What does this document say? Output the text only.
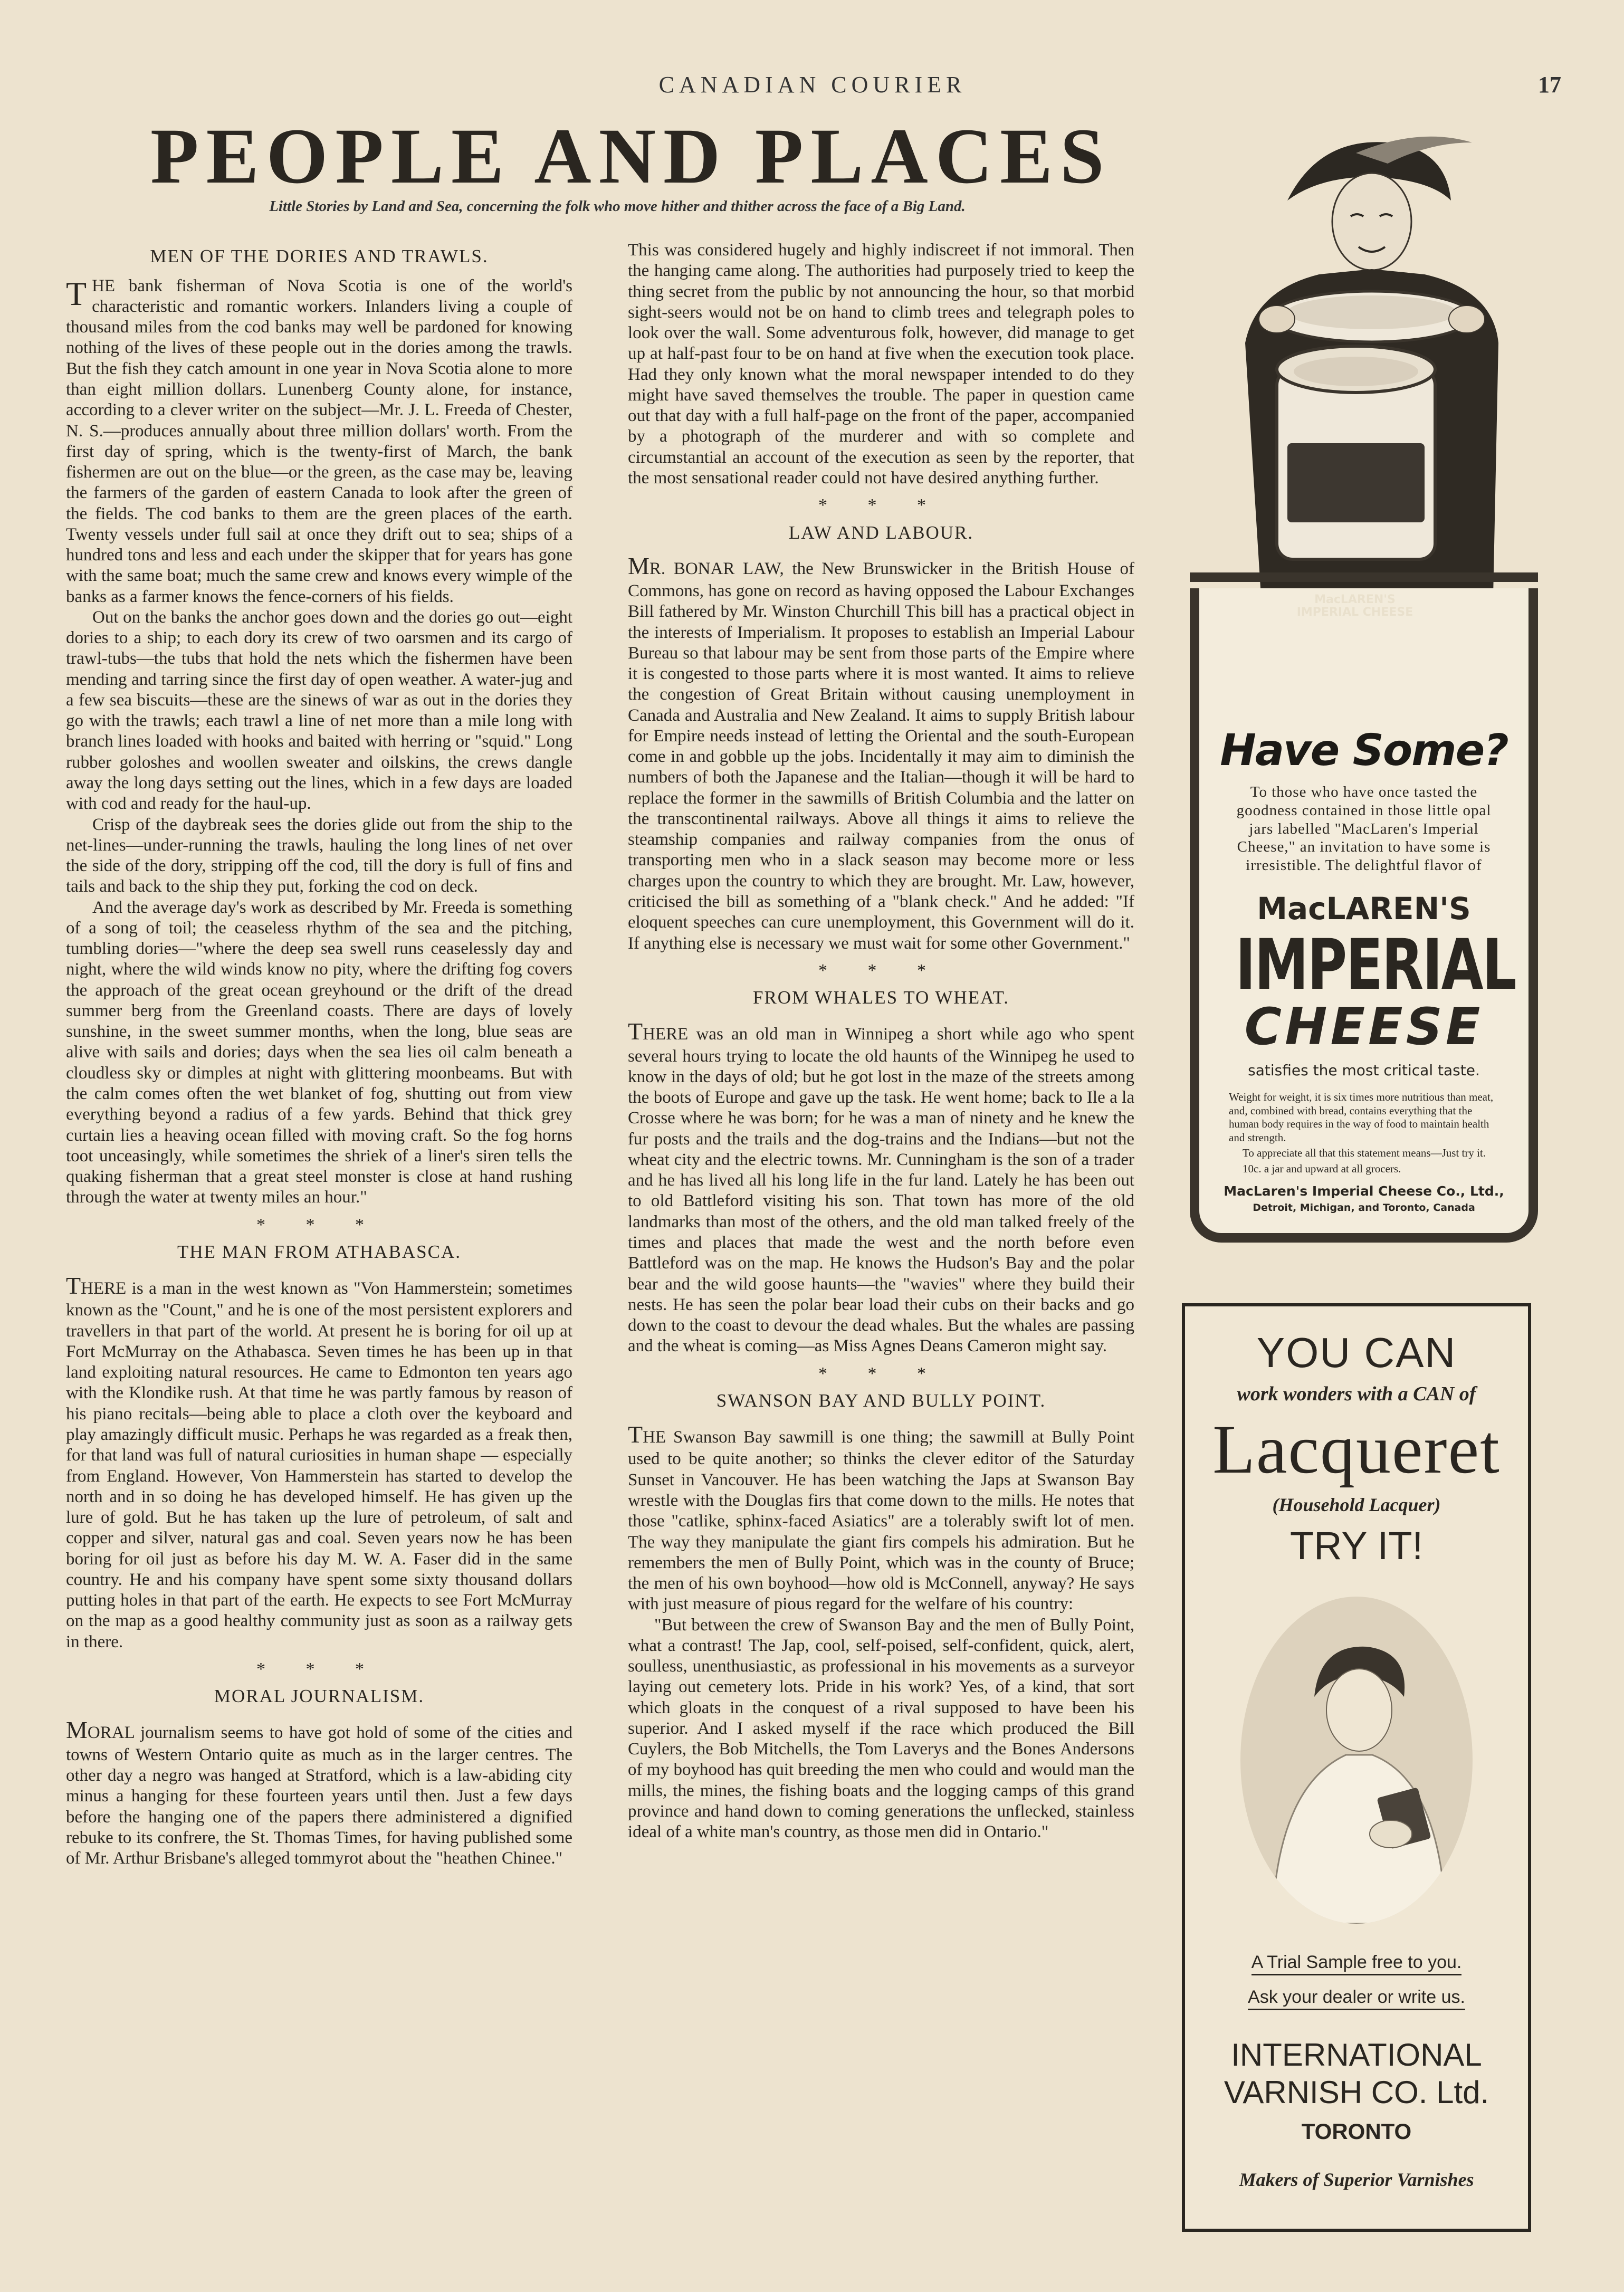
CANADIAN COURIER	17
PEOPLE AND PLACES
Little Stories by Land and Sea, concerning the folk who move hither and thither across the face of a Big Land.
MEN OF THE DORIES AND TRAWLS.

THE bank fisherman of Nova Scotia is one of the world's characteristic and romantic workers. Inlanders living a couple of thousand miles from the cod banks may well be pardoned for knowing nothing of the lives of these people out in the dories among the trawls. But the fish they catch amount in one year in Nova Scotia alone to more than eight million dollars. Lunenberg County alone, for instance, according to a clever writer on the subject—Mr. J. L. Freeda of Chester, N. S.—produces annually about three million dollars' worth. From the first day of spring, which is the twenty-first of March, the bank fishermen are out on the blue—or the green, as the case may be, leaving the farmers of the garden of eastern Canada to look after the green of the fields. The cod banks to them are the green places of the earth. Twenty vessels under full sail at once they drift out to sea; ships of a hundred tons and less and each under the skipper that for years has gone with the same boat; much the same crew and knows every wimple of the banks as a farmer knows the fence-corners of his fields.

Out on the banks the anchor goes down and the dories go out—eight dories to a ship; to each dory its crew of two oarsmen and its cargo of trawl-tubs—the tubs that hold the nets which the fishermen have been mending and tarring since the first day of open weather. A water-jug and a few sea biscuits—these are the sinews of war as out in the dories they go with the trawls; each trawl a line of net more than a mile long with branch lines loaded with hooks and baited with herring or "squid." Long rubber goloshes and woollen sweater and oilskins, the crews dangle away the long days setting out the lines, which in a few days are loaded with cod and ready for the haul-up.

Crisp of the daybreak sees the dories glide out from the ship to the net-lines—under-running the trawls, hauling the long lines of net over the side of the dory, stripping off the cod, till the dory is full of fins and tails and back to the ship they put, forking the cod on deck.

And the average day's work as described by Mr. Freeda is something of a song of toil; the ceaseless rhythm of the sea and the pitching, tumbling dories—"where the deep sea swell runs ceaselessly day and night, where the wild winds know no pity, where the drifting fog covers the approach of the great ocean greyhound or the drift of the dread summer berg from the Greenland coasts. There are days of lovely sunshine, in the sweet summer months, when the long, blue seas are alive with sails and dories; days when the sea lies oil calm beneath a cloudless sky or dimples at night with glittering moonbeams. But with the calm comes often the wet blanket of fog, shutting out from view everything beyond a radius of a few yards. Behind that thick grey curtain lies a heaving ocean filled with moving craft. So the fog horns toot unceasingly, while sometimes the shriek of a liner's siren tells the quaking fisherman that a great steel monster is close at hand rushing through the water at twenty miles an hour."

* * *
THE MAN FROM ATHABASCA.

THERE is a man in the west known as "Von Hammerstein; sometimes known as the "Count," and he is one of the most persistent explorers and travellers in that part of the world. At present he is boring for oil up at Fort McMurray on the Athabasca. Seven times he has been up in that land exploiting natural resources. He came to Edmonton ten years ago with the Klondike rush. At that time he was partly famous by reason of his piano recitals—being able to place a cloth over the keyboard and play amazingly difficult music. Perhaps he was regarded as a freak then, for that land was full of natural curiosities in human shape — especially from England. However, Von Hammerstein has started to develop the north and in so doing he has developed himself. He has given up the lure of gold. But he has taken up the lure of petroleum, of salt and copper and silver, natural gas and coal. Seven years now he has been boring for oil just as before his day M. W. A. Faser did in the same country. He and his company have spent some sixty thousand dollars putting holes in that part of the earth. He expects to see Fort McMurray on the map as a good healthy community just as soon as a railway gets in there.

* * *
MORAL JOURNALISM.

MORAL journalism seems to have got hold of some of the cities and towns of Western Ontario quite as much as in the larger centres. The other day a negro was hanged at Stratford, which is a law-abiding city minus a hanging for these fourteen years until then. Just a few days before the hanging one of the papers there administered a dignified rebuke to its confrere, the St. Thomas Times, for having published some of Mr. Arthur Brisbane's alleged tommyrot about the "heathen Chinee."

This was considered hugely and highly indiscreet if not immoral. Then the hanging came along. The authorities had purposely tried to keep the thing secret from the public by not announcing the hour, so that morbid sight-seers would not be on hand to climb trees and telegraph poles to look over the wall. Some adventurous folk, however, did manage to get up at half-past four to be on hand at five when the execution took place. Had they only known what the moral newspaper intended to do they might have saved themselves the trouble. The paper in question came out that day with a full half-page on the front of the paper, accompanied by a photograph of the murderer and with so complete and circumstantial an account of the execution as seen by the reporter, that the most sensational reader could not have desired anything further.

* * *
LAW AND LABOUR.

MR. BONAR LAW, the New Brunswicker in the British House of Commons, has gone on record as having opposed the Labour Exchanges Bill fathered by Mr. Winston Churchill This bill has a practical object in the interests of Imperialism. It proposes to establish an Imperial Labour Bureau so that labour may be sent from those parts of the Empire where it is congested to those parts where it is most wanted. It aims to relieve the congestion of Great Britain without causing unemployment in Canada and Australia and New Zealand. It aims to supply British labour for Empire needs instead of letting the Oriental and the south-European come in and gobble up the jobs. Incidentally it may aim to diminish the numbers of both the Japanese and the Italian—though it will be hard to replace the former in the sawmills of British Columbia and the latter on the transcontinental railways. Above all things it aims to relieve the steamship companies and railway companies from the onus of transporting men who in a slack season may become more or less charges upon the country to which they are brought. Mr. Law, however, criticised the bill as something of a "blank check." And he added: "If eloquent speeches can cure unemployment, this Government will do it. If anything else is necessary we must wait for some other Government."

* * *
FROM WHALES TO WHEAT.

THERE was an old man in Winnipeg a short while ago who spent several hours trying to locate the old haunts of the Winnipeg he used to know in the days of old; but he got lost in the maze of the streets among the boots of Europe and gave up the task. He went home; back to Ile a la Crosse where he was born; for he was a man of ninety and he knew the fur posts and the trails and the dog-trains and the Indians—but not the wheat city and the electric towns. Mr. Cunningham is the son of a trader and he has lived all his long life in the fur land. Lately he has been out to old Battleford visiting his son. That town has more of the old landmarks than most of the others, and the old man talked freely of the times and places that made the west and the north before even Battleford was on the map. He knows the Hudson's Bay and the polar bear and the wild goose haunts—the "wavies" where they build their nests. He has seen the polar bear load their cubs on their backs and go down to the coast to devour the dead whales. But the whales are passing and the wheat is coming—as Miss Agnes Deans Cameron might say.

* * *
SWANSON BAY AND BULLY POINT.

THE Swanson Bay sawmill is one thing; the sawmill at Bully Point used to be quite another; so thinks the clever editor of the Saturday Sunset in Vancouver. He has been watching the Japs at Swanson Bay wrestle with the Douglas firs that come down to the mills. He notes that those "catlike, sphinx-faced Asiatics" are a tolerably swift lot of men. The way they manipulate the giant firs compels his admiration. But he remembers the men of Bully Point, which was in the county of Bruce; the men of his own boyhood—how old is McConnell, anyway? He says with just measure of pious regard for the welfare of his country:

"But between the crew of Swanson Bay and the men of Bully Point, what a contrast! The Jap, cool, self-poised, self-confident, quick, alert, soulless, unenthusiastic, as professional in his movements as a surveyor laying out cemetery lots. Pride in his work? Yes, of a kind, that sort which gloats in the conquest of a rival supposed to have been his superior. And I asked myself if the race which produced the Bill Cuylers, the Bob Mitchells, the Tom Laverys and the Bones Andersons of my boyhood has quit breeding the men who could and would man the mills, the mines, the fishing boats and the logging camps of this grand province and hand down to coming generations the unflecked, stainless ideal of a white man's country, as those men did in Ontario."

MacLAREN'S IMPERIAL CHEESE
Have Some?
To those who have once tasted the goodness contained in those little opal jars labelled "MacLaren's Imperial Cheese," an invitation to have some is irresistible. The delightful flavor of
MacLAREN'S
IMPERIAL
CHEESE
satisfies the most critical taste.
Weight for weight, it is six times more nutritious than meat, and, combined with bread, contains everything that the human body requires in the way of food to maintain health and strength.
To appreciate all that this statement means—Just try it.
10c. a jar and upward at all grocers.
MacLaren's Imperial Cheese Co., Ltd.,
Detroit, Michigan, and Toronto, Canada
YOU CAN
work wonders with a CAN of
Lacqueret
(Household Lacquer)
TRY IT!
A Trial Sample free to you.
Ask your dealer or write us.
INTERNATIONAL
VARNISH CO. Ltd.
TORONTO
Makers of Superior Varnishes
